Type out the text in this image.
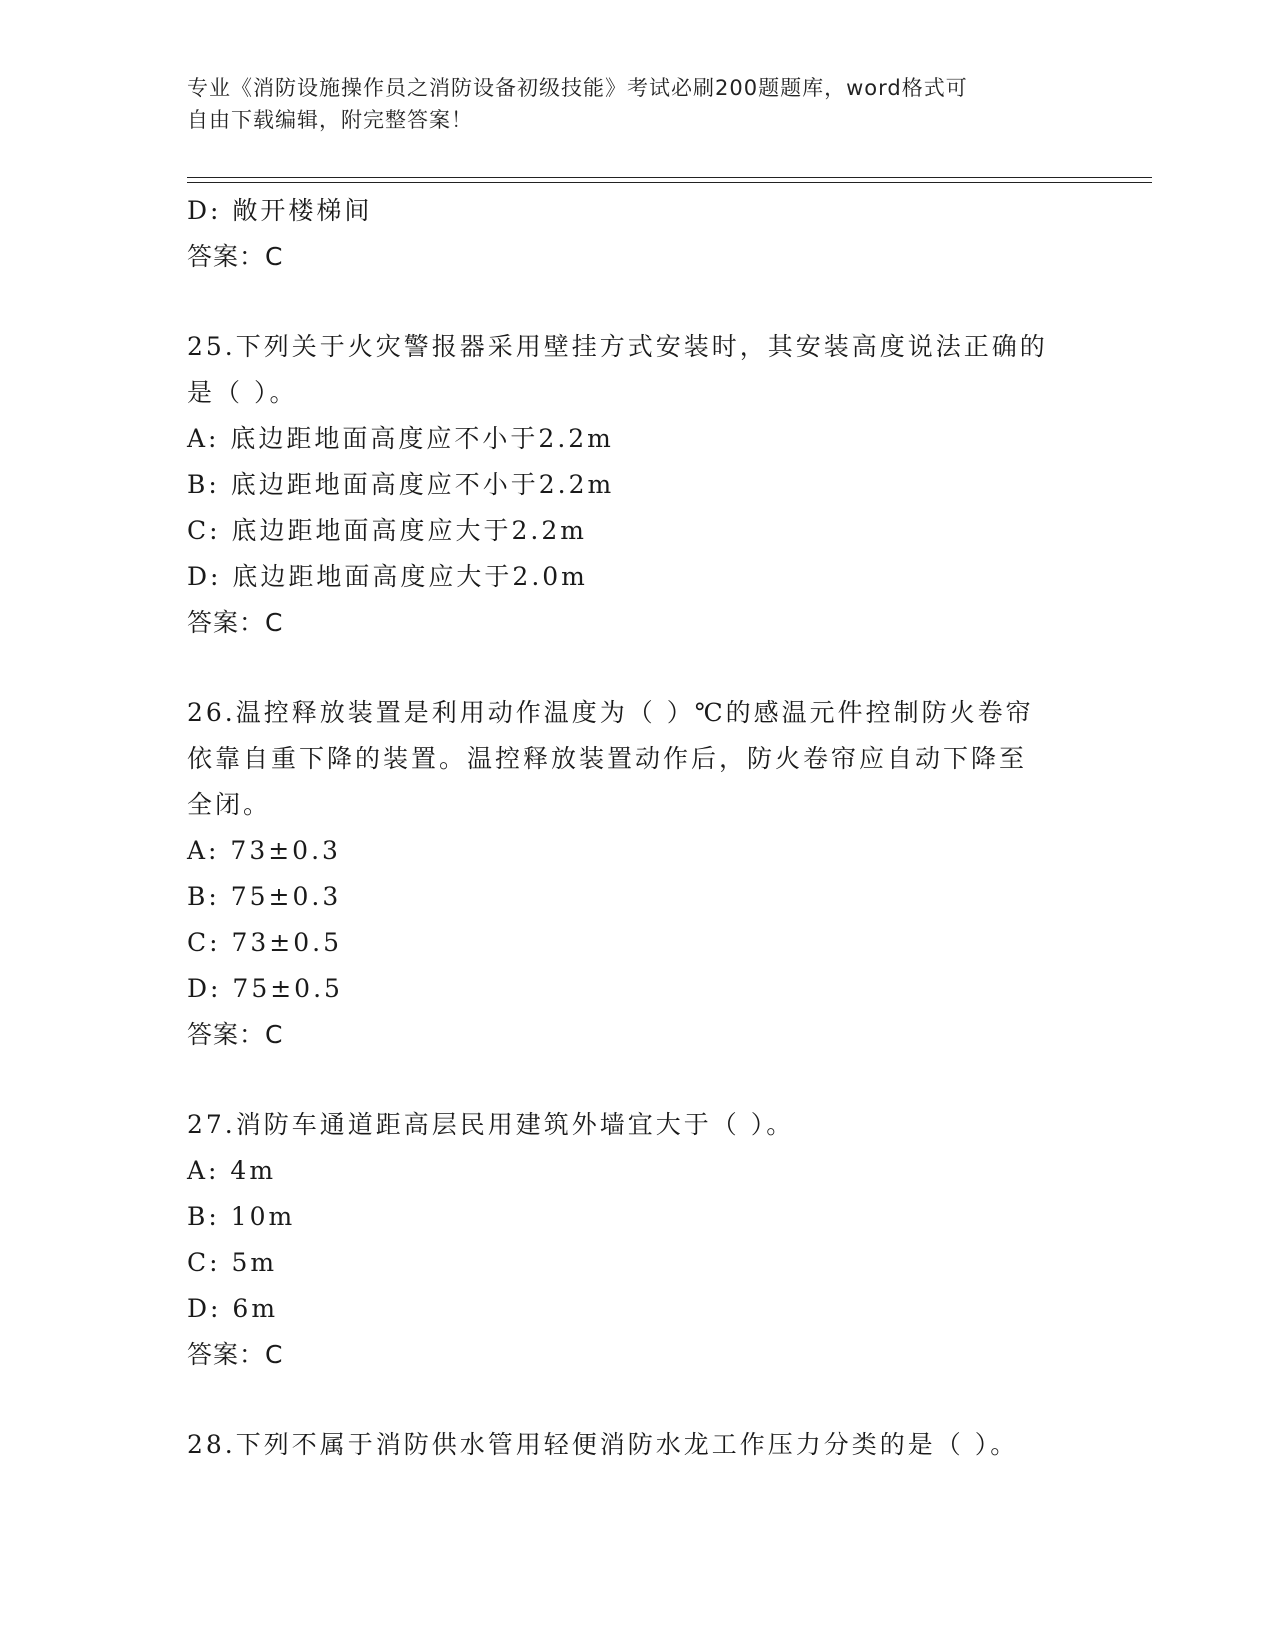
专业《消防设施操作员之消防设备初级技能》考试必刷200题题库，word格式可
自由下载编辑，附完整答案！
D: 敞开楼梯间
答案：C
25.下列关于火灾警报器采用壁挂方式安装时，其安装高度说法正确的
是（ ）。
A: 底边距地面高度应不小于2.2m
B: 底边距地面高度应不小于2.2m
C: 底边距地面高度应大于2.2m
D: 底边距地面高度应大于2.0m
答案：C
26.温控释放装置是利用动作温度为（ ）℃的感温元件控制防火卷帘
依靠自重下降的装置。温控释放装置动作后，防火卷帘应自动下降至
全闭。
A: 73±0.3
B: 75±0.3
C: 73±0.5
D: 75±0.5
答案：C
27.消防车通道距高层民用建筑外墙宜大于（ ）。
A: 4m
B: 10m
C: 5m
D: 6m
答案：C
28.下列不属于消防供水管用轻便消防水龙工作压力分类的是（ ）。
